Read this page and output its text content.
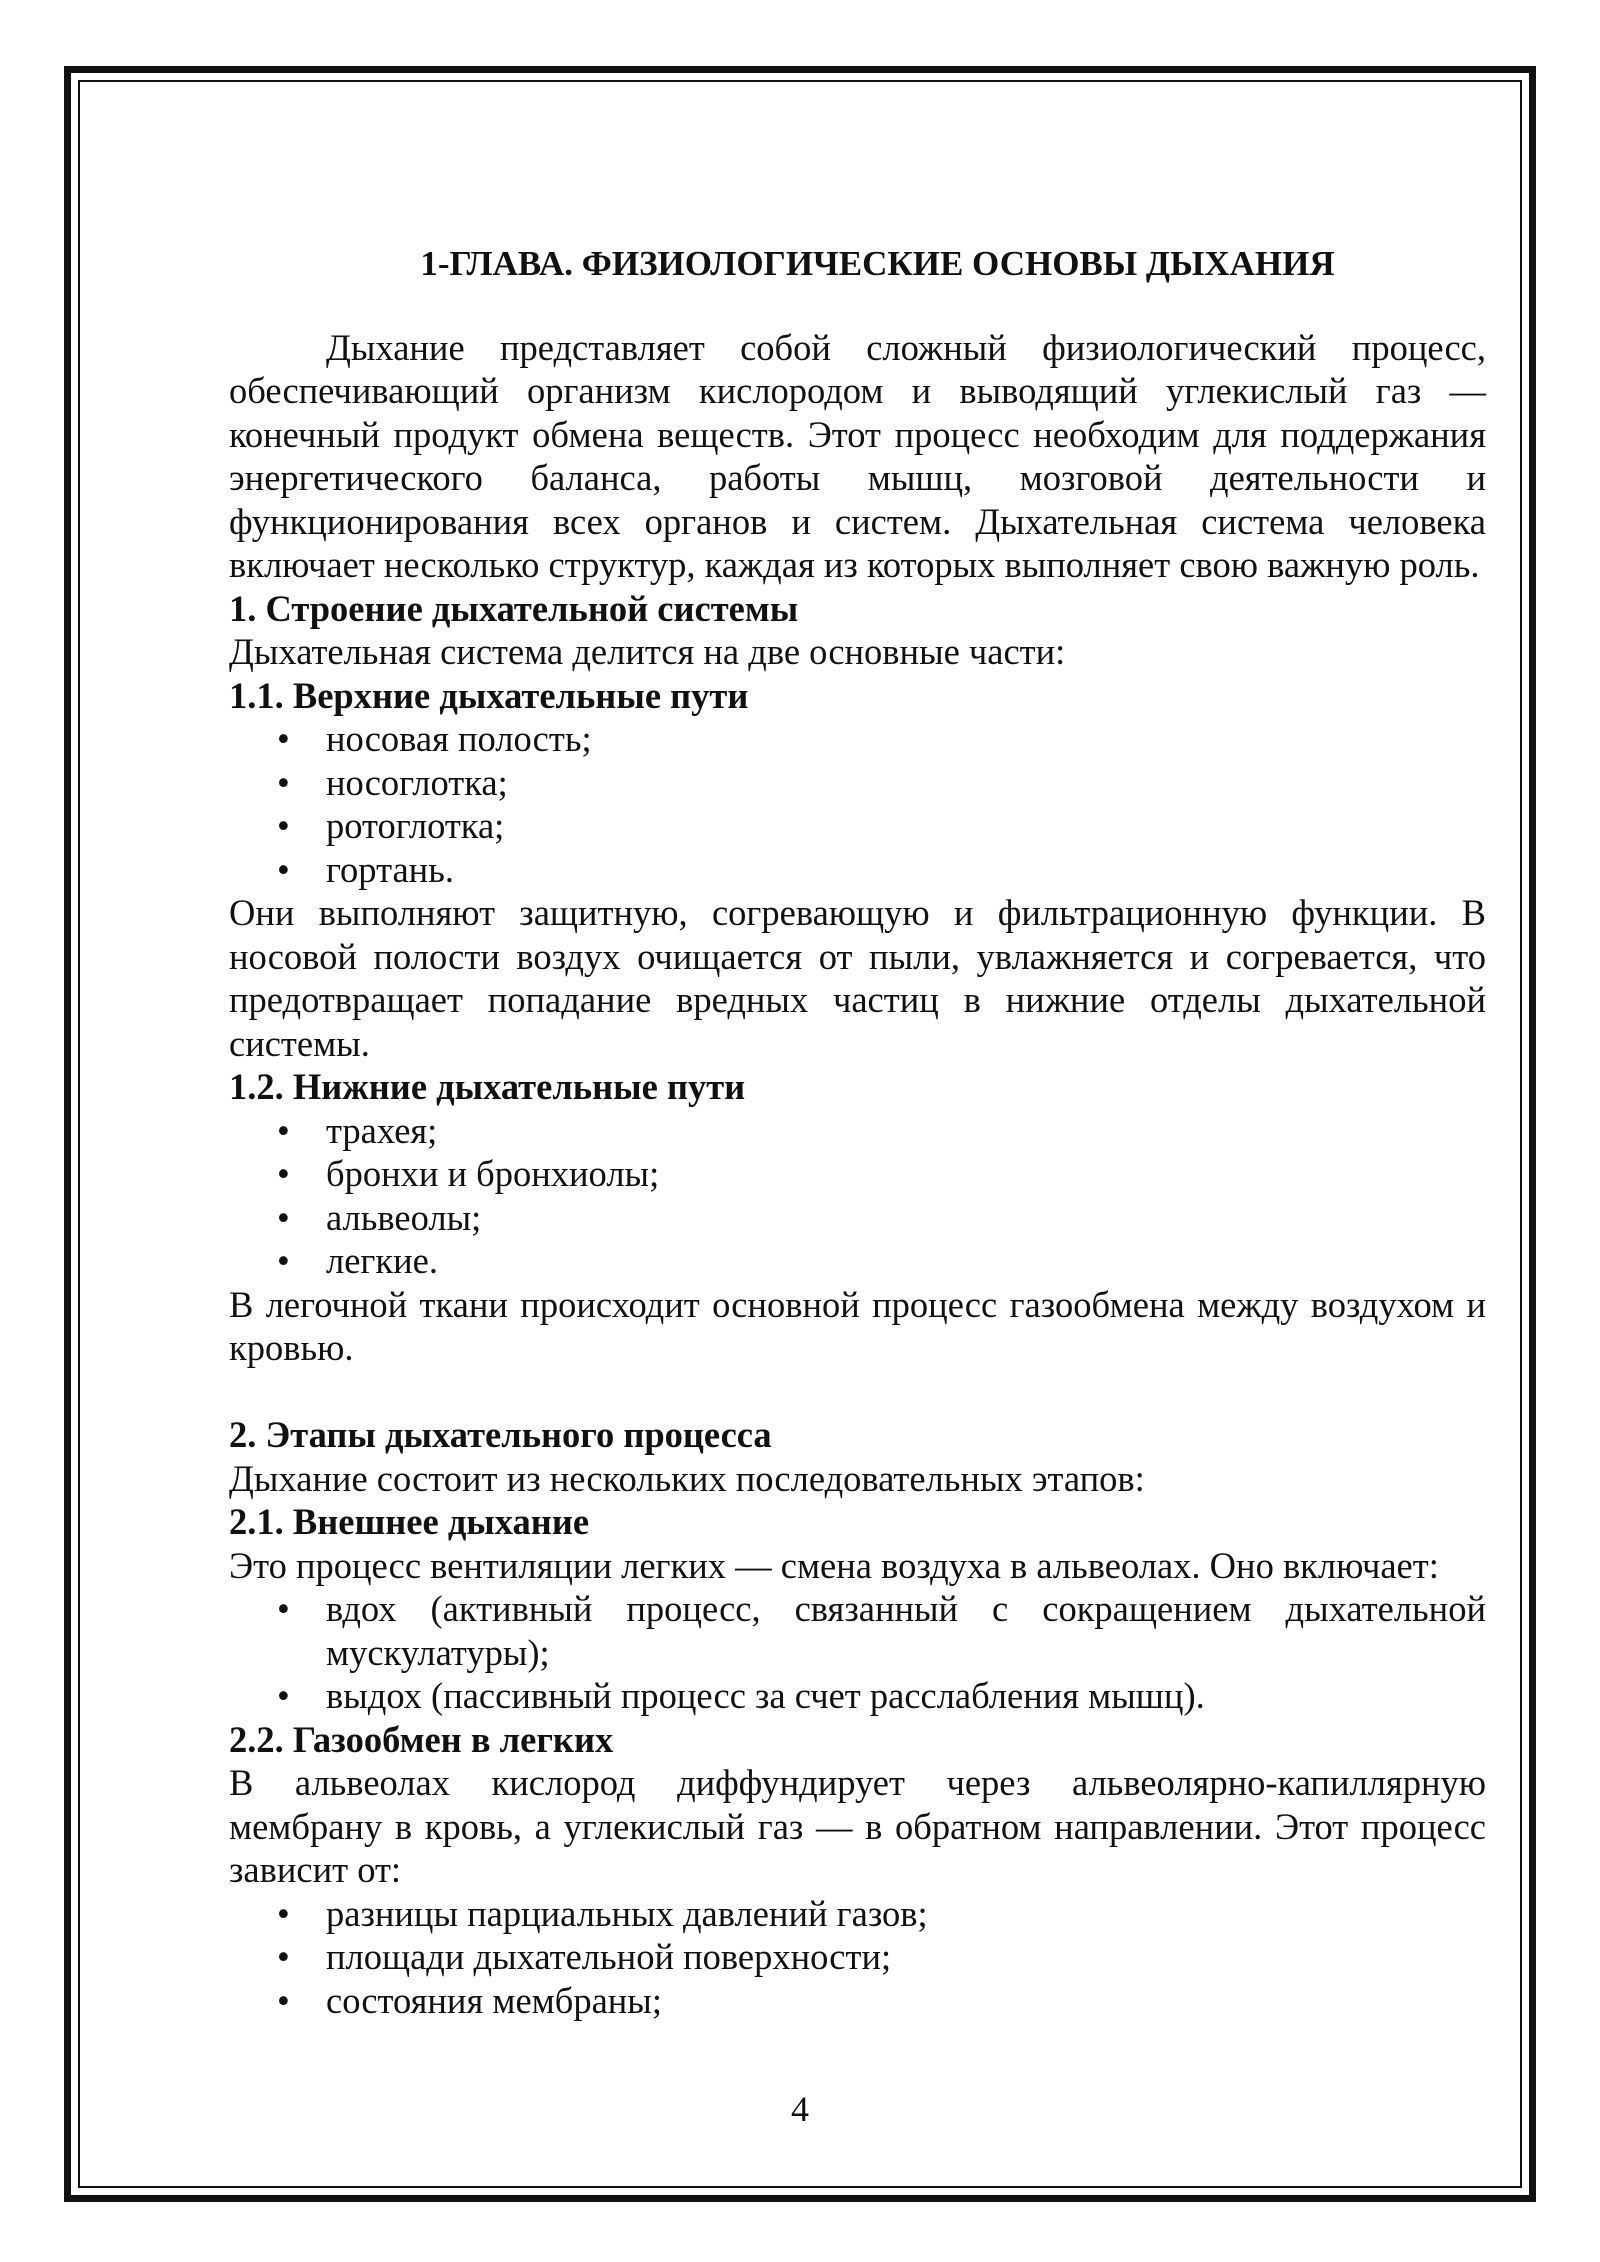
1-ГЛАВА. ФИЗИОЛОГИЧЕСКИЕ ОСНОВЫ ДЫХАНИЯ

Дыхание представляет собой сложный физиологический процесс, обеспечивающий организм кислородом и выводящий углекислый газ — конечный продукт обмена веществ. Этот процесс необходим для поддержания энергетического баланса, работы мышц, мозговой деятельности и функционирования всех органов и систем. Дыхательная система человека включает несколько структур, каждая из которых выполняет свою важную роль.

1. Строение дыхательной системы

Дыхательная система делится на две основные части:

1.1. Верхние дыхательные пути

• носовая полость;
• носоглотка;
• ротоглотка;
• гортань.

Они выполняют защитную, согревающую и фильтрационную функции. В носовой полости воздух очищается от пыли, увлажняется и согревается, что предотвращает попадание вредных частиц в нижние отделы дыхательной системы.

1.2. Нижние дыхательные пути

• трахея;
• бронхи и бронхиолы;
• альвеолы;
• легкие.

В легочной ткани происходит основной процесс газообмена между воздухом и кровью.

2. Этапы дыхательного процесса

Дыхание состоит из нескольких последовательных этапов:

2.1. Внешнее дыхание

Это процесс вентиляции легких — смена воздуха в альвеолах. Оно включает:

• вдох (активный процесс, связанный с сокращением дыхательной мускулатуры);
• выдох (пассивный процесс за счет расслабления мышц).

2.2. Газообмен в легких

В альвеолах кислород диффундирует через альвеолярно-капиллярную мембрану в кровь, а углекислый газ — в обратном направлении. Этот процесс зависит от:

• разницы парциальных давлений газов;
• площади дыхательной поверхности;
• состояния мембраны;
4
